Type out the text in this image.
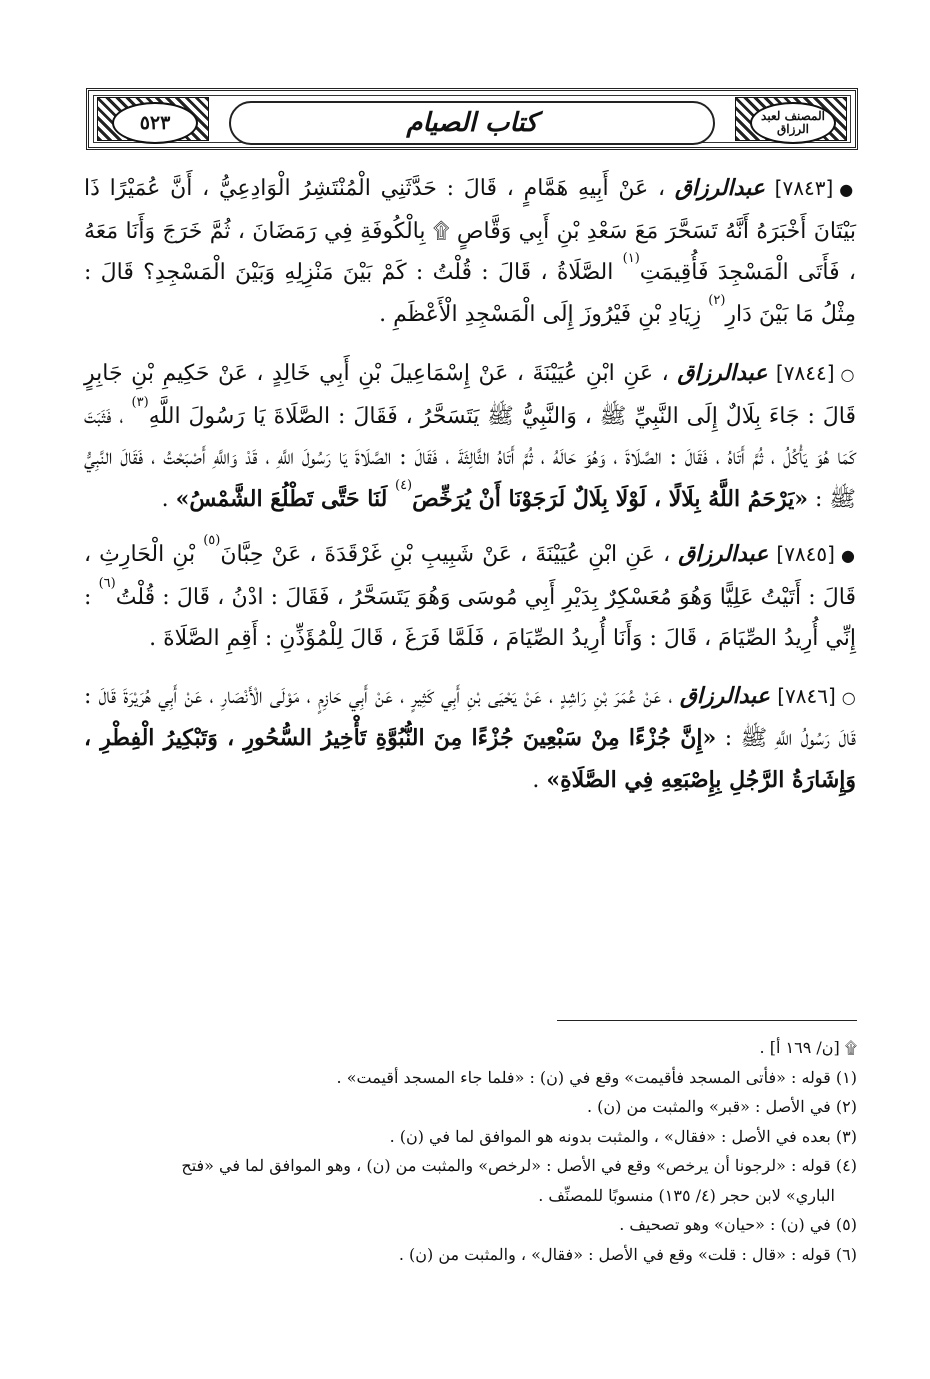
٥٢٣	كتاب الصيام	المصنف لعبد الرزاق

●[٧٨٤٣] عبدالرزاق ، عَنْ أَبِيهِ هَمَّامٍ ، قَالَ : حَدَّثَنِي الْمُنْتَشِرُ الْوَادِعِيُّ ، أَنَّ عُمَيْرًا ذَا بَيْتَانَ أَخْبَرَهُ أَنَّهُ تَسَحَّرَ مَعَ سَعْدِ بْنِ أَبِي وَقَّاصٍ ۩ بِالْكُوفَةِ فِي رَمَضَانَ ، ثُمَّ خَرَجَ وَأَنَا مَعَهُ ، فَأَتَى الْمَسْجِدَ فَأُقِيمَتِ$^{(١)}$ الصَّلَاةُ ، قَالَ : قُلْتُ : كَمْ بَيْنَ مَنْزِلِهِ وَبَيْنَ الْمَسْجِدِ؟ قَالَ : مِثْلُ مَا بَيْنَ دَارِ$^{(٢)}$ زِيَادِ بْنِ فَيْرُوزَ إِلَى الْمَسْجِدِ الْأَعْظَمِ .

○[٧٨٤٤] عبدالرزاق ، عَنِ ابْنِ عُيَيْنَةَ ، عَنْ إِسْمَاعِيلَ بْنِ أَبِي خَالِدٍ ، عَنْ حَكِيمِ بْنِ جَابِرٍ قَالَ : جَاءَ بِلَالٌ إِلَى النَّبِيِّ ﷺ ، وَالنَّبِيُّ ﷺ يَتَسَحَّرُ ، فَقَالَ : الصَّلَاةَ يَا رَسُولَ اللَّهِ$^{(٣)}$ ، فَثَبَتَ كَمَا هُوَ يَأْكُلُ ، ثُمَّ أَتَاهُ ، فَقَالَ : الصَّلَاةَ ، وَهُوَ حَالَهُ ، ثُمَّ أَتَاهُ الثَّالِثَةَ ، فَقَالَ : الصَّلَاةَ يَا رَسُولَ اللَّهِ ، قَدْ وَاللَّهِ أَصْبَحْتُ ، فَقَالَ النَّبِيُّ ﷺ : «يَرْحَمُ اللَّهُ بِلَالًا ، لَوْلَا بِلَالٌ لَرَجَوْنَا أَنْ يُرَخِّصَ$^{(٤)}$ لَنَا حَتَّى تَطْلُعَ الشَّمْسُ» .

●[٧٨٤٥] عبدالرزاق ، عَنِ ابْنِ عُيَيْنَةَ ، عَنْ شَبِيبِ بْنِ غَرْقَدَةَ ، عَنْ حِبَّانَ$^{(٥)}$ بْنِ الْحَارِثِ ، قَالَ : أَتَيْتُ عَلِيًّا وَهُوَ مُعَسْكِرٌ بِدَيْرِ أَبِي مُوسَى وَهُوَ يَتَسَحَّرُ ، فَقَالَ : ادْنُ ، قَالَ : قُلْتُ$^{(٦)}$ : إِنِّي أُرِيدُ الصِّيَامَ ، قَالَ : وَأَنَا أُرِيدُ الصِّيَامَ ، فَلَمَّا فَرَغَ ، قَالَ لِلْمُؤَذِّنِ : أَقِمِ الصَّلَاةَ .

○[٧٨٤٦] عبدالرزاق ، عَنْ عُمَرَ بْنِ رَاشِدٍ ، عَنْ يَحْيَى بْنِ أَبِي كَثِيرٍ ، عَنْ أَبِي حَازِمٍ ، مَوْلَى الْأَنْصَارِ ، عَنْ أَبِي هُرَيْرَةَ قَالَ : قَالَ رَسُولُ اللَّهِ ﷺ : «إِنَّ جُزْءًا مِنْ سَبْعِينَ جُزْءًا مِنَ النُّبُوَّةِ تَأْخِيرُ السُّحُورِ ، وَتَبْكِيرُ الْفِطْرِ ، وَإِشَارَةُ الرَّجُلِ بِإِصْبَعِهِ فِي الصَّلَاةِ» .

۩ [ن/ ١٦٩ أ] .
(١) قوله : «فأتى المسجد فأقيمت» وقع في (ن) : «فلما جاء المسجد أقيمت» .
(٢) في الأصل : «قبر» والمثبت من (ن) .
(٣) بعده في الأصل : «فقال» ، والمثبت بدونه هو الموافق لما في (ن) .
(٤) قوله : «لرجونا أن يرخص» وقع في الأصل : «لرخص» والمثبت من (ن) ، وهو الموافق لما في «فتح
الباري» لابن حجر (٤/ ١٣٥) منسوبًا للمصنِّف .
(٥) في (ن) : «حيان» وهو تصحيف .
(٦) قوله : «قال : قلت» وقع في الأصل : «فقال» ، والمثبت من (ن) .
